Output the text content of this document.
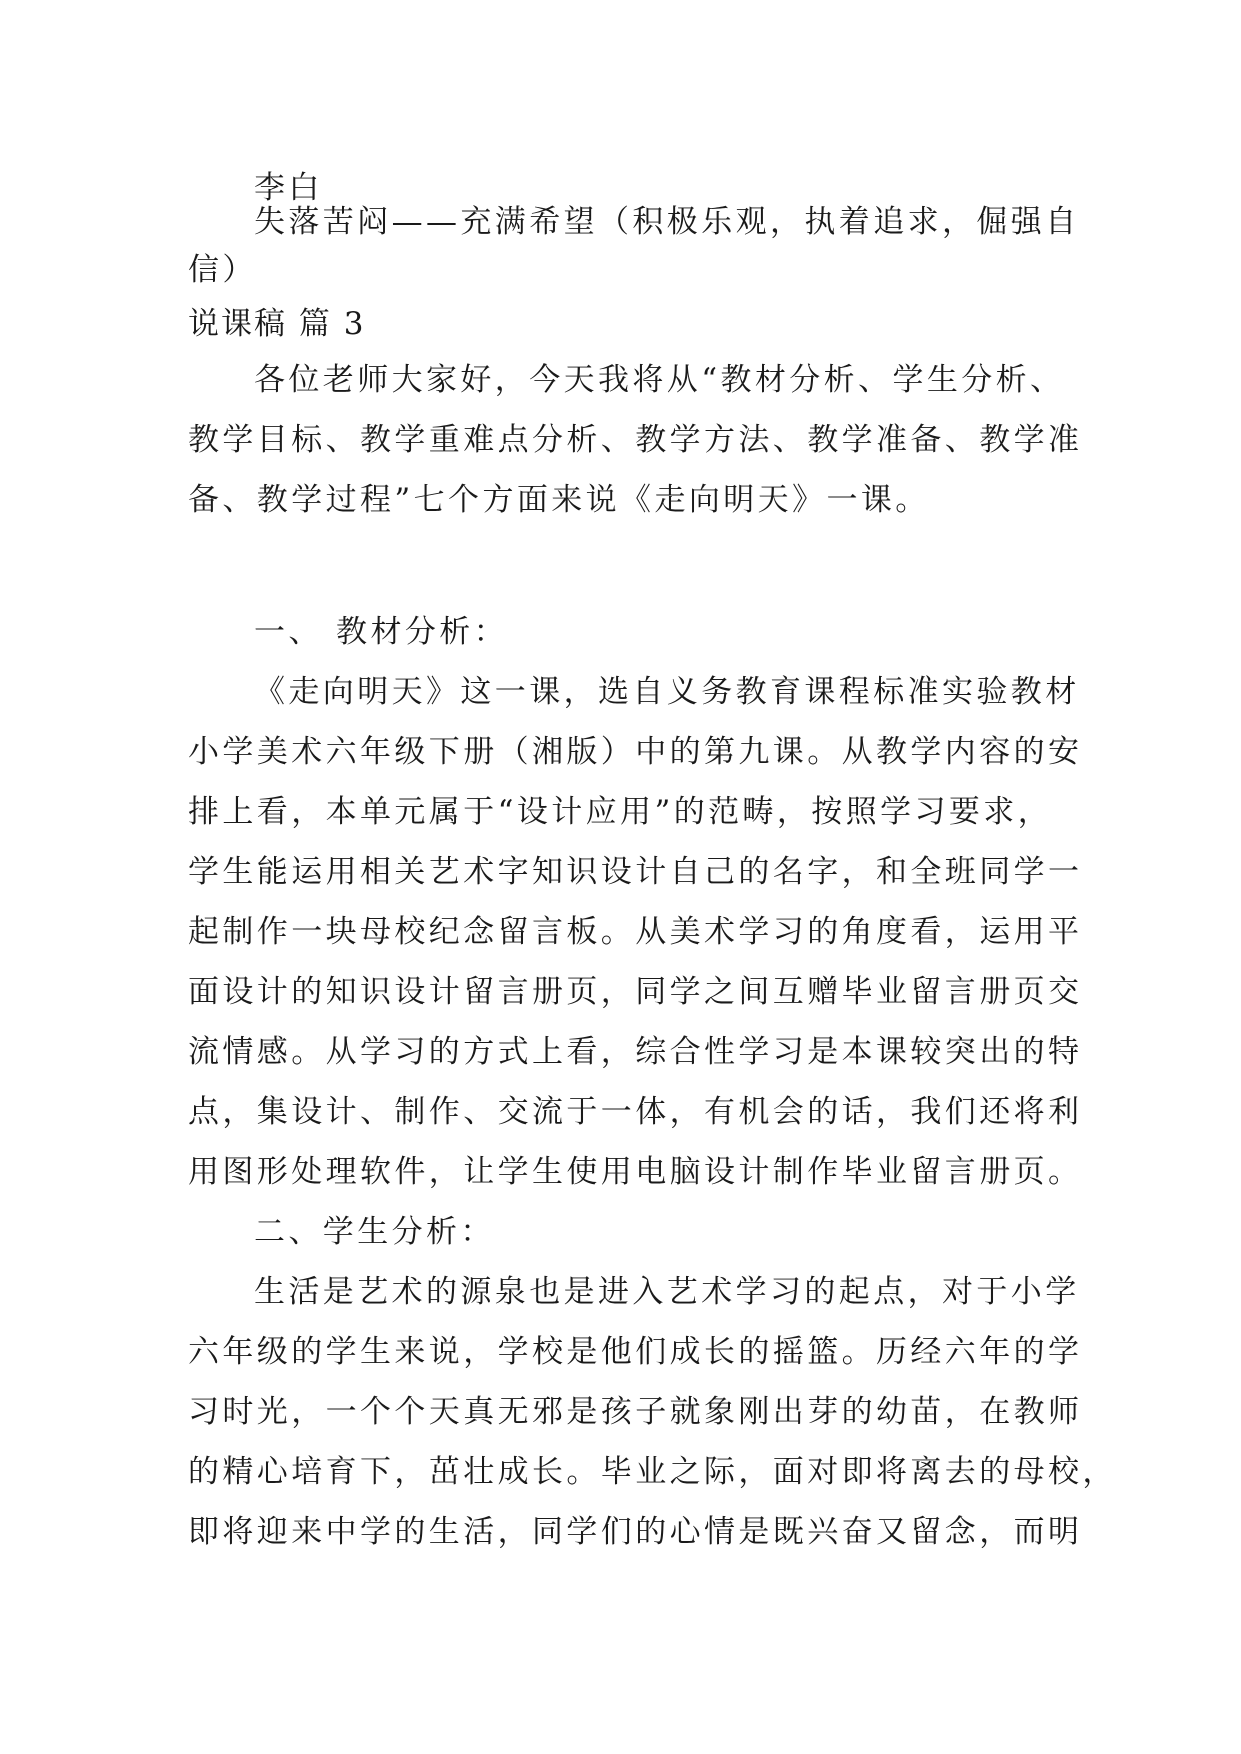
李白
失落苦闷——充满希望（积极乐观，执着追求，倔强自
信）
说课稿 篇 3
各位老师大家好，今天我将从“教材分析、学生分析、
教学目标、教学重难点分析、教学方法、教学准备、教学准
备、教学过程”七个方面来说《走向明天》一课。
一、 教材分析：
《走向明天》这一课，选自义务教育课程标准实验教材
小学美术六年级下册（湘版）中的第九课。从教学内容的安
排上看，本单元属于“设计应用”的范畴，按照学习要求，
学生能运用相关艺术字知识设计自己的名字，和全班同学一
起制作一块母校纪念留言板。从美术学习的角度看，运用平
面设计的知识设计留言册页，同学之间互赠毕业留言册页交
流情感。从学习的方式上看，综合性学习是本课较突出的特
点，集设计、制作、交流于一体，有机会的话，我们还将利
用图形处理软件，让学生使用电脑设计制作毕业留言册页。
二、学生分析：
生活是艺术的源泉也是进入艺术学习的起点，对于小学
六年级的学生来说，学校是他们成长的摇篮。历经六年的学
习时光，一个个天真无邪是孩子就象刚出芽的幼苗，在教师
的精心培育下，茁壮成长。毕业之际，面对即将离去的母校，
即将迎来中学的生活，同学们的心情是既兴奋又留念，而明
